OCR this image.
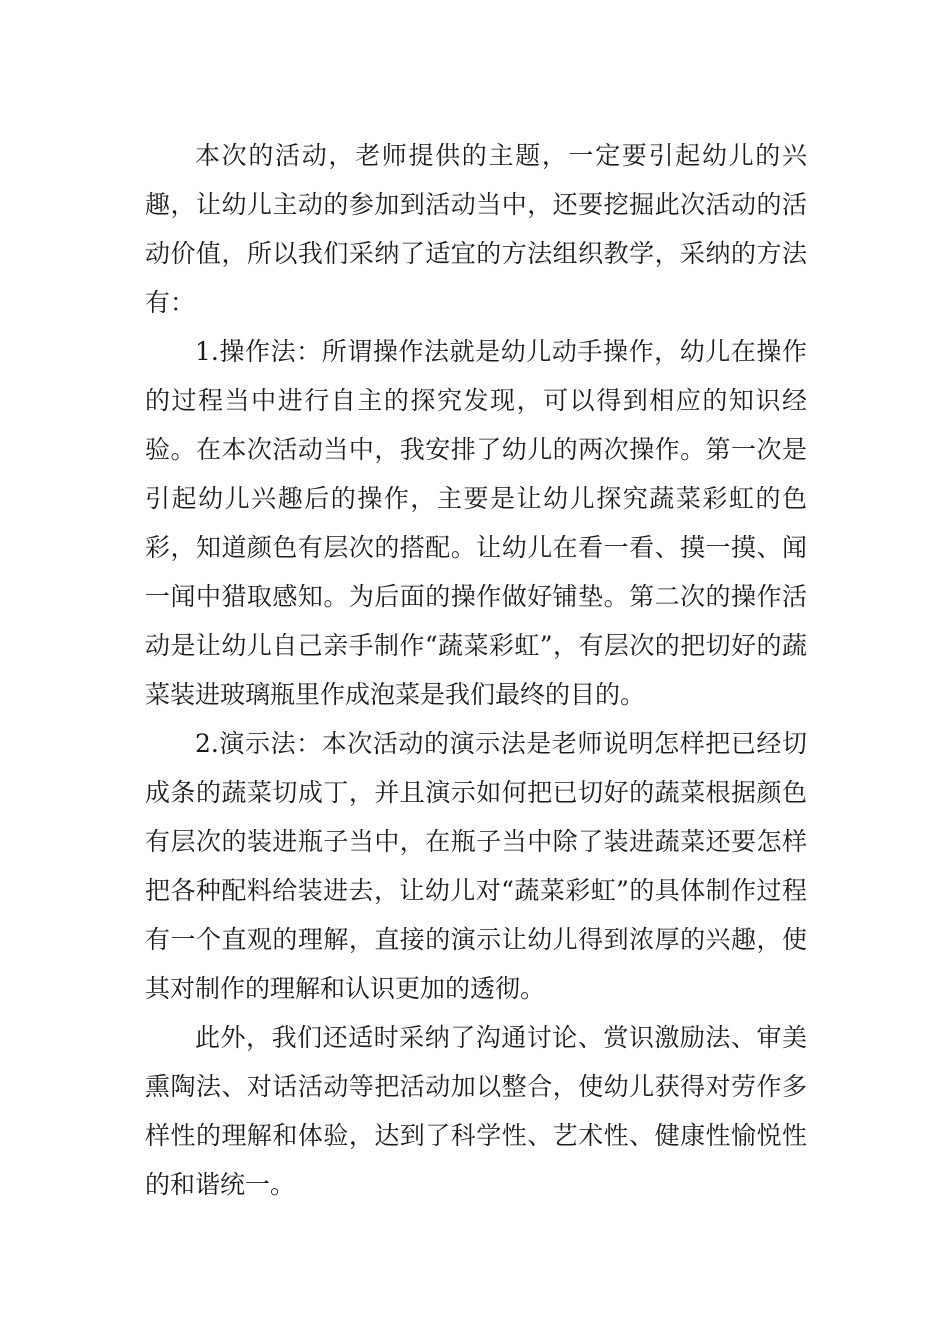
本次的活动，老师提供的主题，一定要引起幼儿的兴趣，让幼儿主动的参加到活动当中，还要挖掘此次活动的活动价值，所以我们采纳了适宜的方法组织教学，采纳的方法有：

1.操作法：所谓操作法就是幼儿动手操作，幼儿在操作的过程当中进行自主的探究发现，可以得到相应的知识经验。在本次活动当中，我安排了幼儿的两次操作。第一次是引起幼儿兴趣后的操作，主要是让幼儿探究蔬菜彩虹的色彩，知道颜色有层次的搭配。让幼儿在看一看、摸一摸、闻一闻中猎取感知。为后面的操作做好铺垫。第二次的操作活动是让幼儿自己亲手制作“蔬菜彩虹”，有层次的把切好的蔬菜装进玻璃瓶里作成泡菜是我们最终的目的。

2.演示法：本次活动的演示法是老师说明怎样把已经切成条的蔬菜切成丁，并且演示如何把已切好的蔬菜根据颜色有层次的装进瓶子当中，在瓶子当中除了装进蔬菜还要怎样把各种配料给装进去，让幼儿对“蔬菜彩虹”的具体制作过程有一个直观的理解，直接的演示让幼儿得到浓厚的兴趣，使其对制作的理解和认识更加的透彻。

此外，我们还适时采纳了沟通讨论、赏识激励法、审美熏陶法、对话活动等把活动加以整合，使幼儿获得对劳作多样性的理解和体验，达到了科学性、艺术性、健康性愉悦性的和谐统一。
